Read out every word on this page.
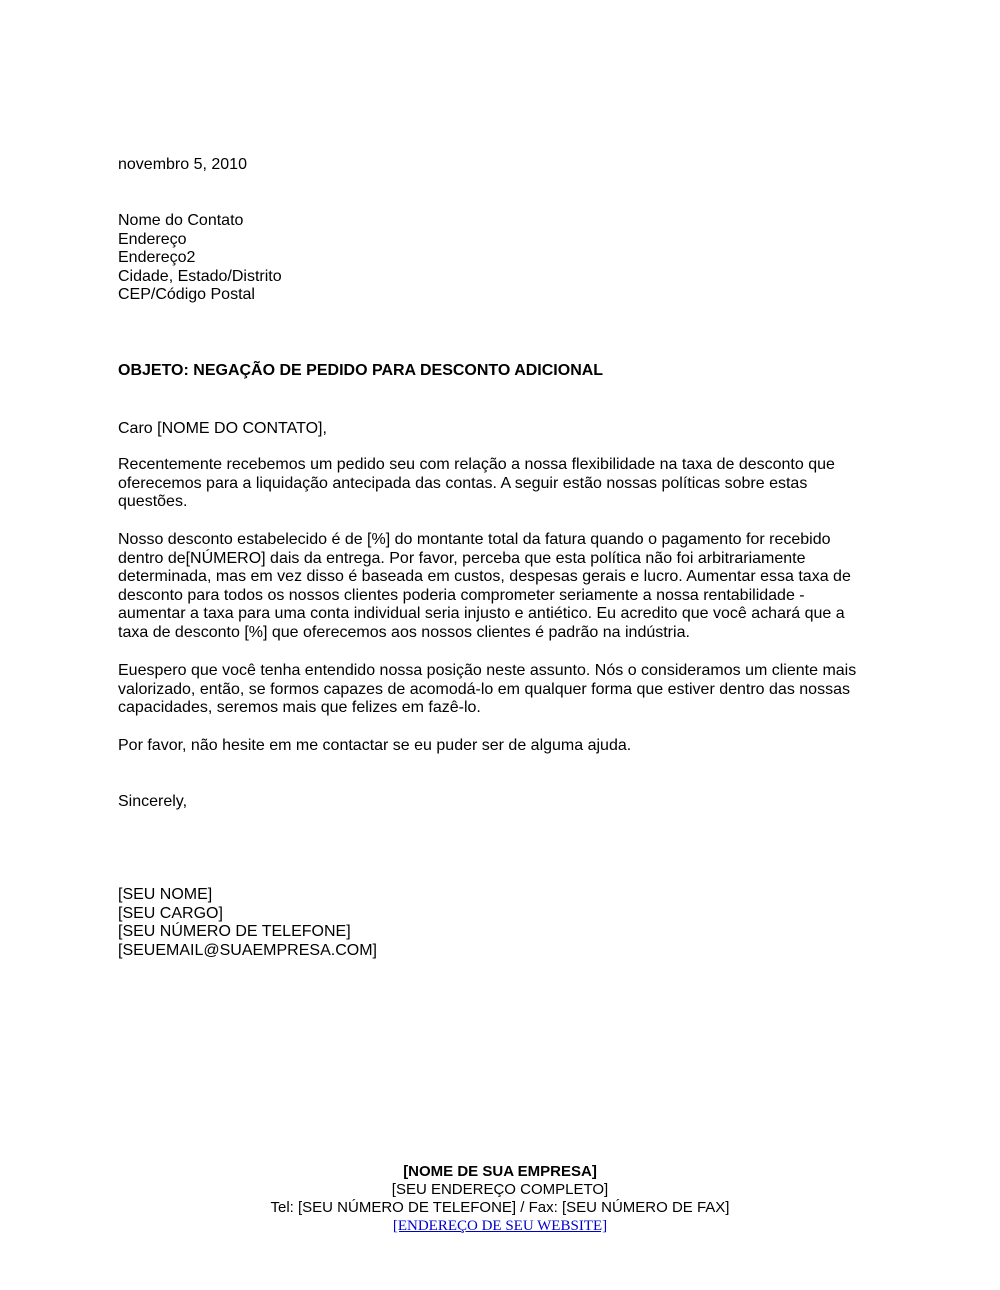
novembro 5, 2010

Nome do Contato

Endereço

Endereço2

Cidade, Estado/Distrito

CEP/Código Postal

OBJETO: NEGAÇÃO DE PEDIDO PARA DESCONTO ADICIONAL

Caro [NOME DO CONTATO],

Recentemente recebemos um pedido seu com relação a nossa flexibilidade na taxa de desconto que

oferecemos para a liquidação antecipada das contas. A seguir estão nossas políticas sobre estas

questões.

Nosso desconto estabelecido é de [%] do montante total da fatura quando o pagamento for recebido

dentro de[NÚMERO] dais da entrega. Por favor, perceba que esta política não foi arbitrariamente

determinada, mas em vez disso é baseada em custos, despesas gerais e lucro. Aumentar essa taxa de

desconto para todos os nossos clientes poderia comprometer seriamente a nossa rentabilidade -

aumentar a taxa para uma conta individual seria injusto e antiético. Eu acredito que você achará que a

taxa de desconto [%] que oferecemos aos nossos clientes é padrão na indústria.

Euespero que você tenha entendido nossa posição neste assunto. Nós o consideramos um cliente mais

valorizado, então, se formos capazes de acomodá-lo em qualquer forma que estiver dentro das nossas

capacidades, seremos mais que felizes em fazê-lo.

Por favor, não hesite em me contactar se eu puder ser de alguma ajuda.

Sincerely,

[SEU NOME]

[SEU CARGO]

[SEU NÚMERO DE TELEFONE]

[SEUEMAIL@SUAEMPRESA.COM]

[NOME DE SUA EMPRESA]
[SEU ENDEREÇO COMPLETO]
Tel: [SEU NÚMERO DE TELEFONE] / Fax: [SEU NÚMERO DE FAX]
[ENDEREÇO DE SEU WEBSITE]
